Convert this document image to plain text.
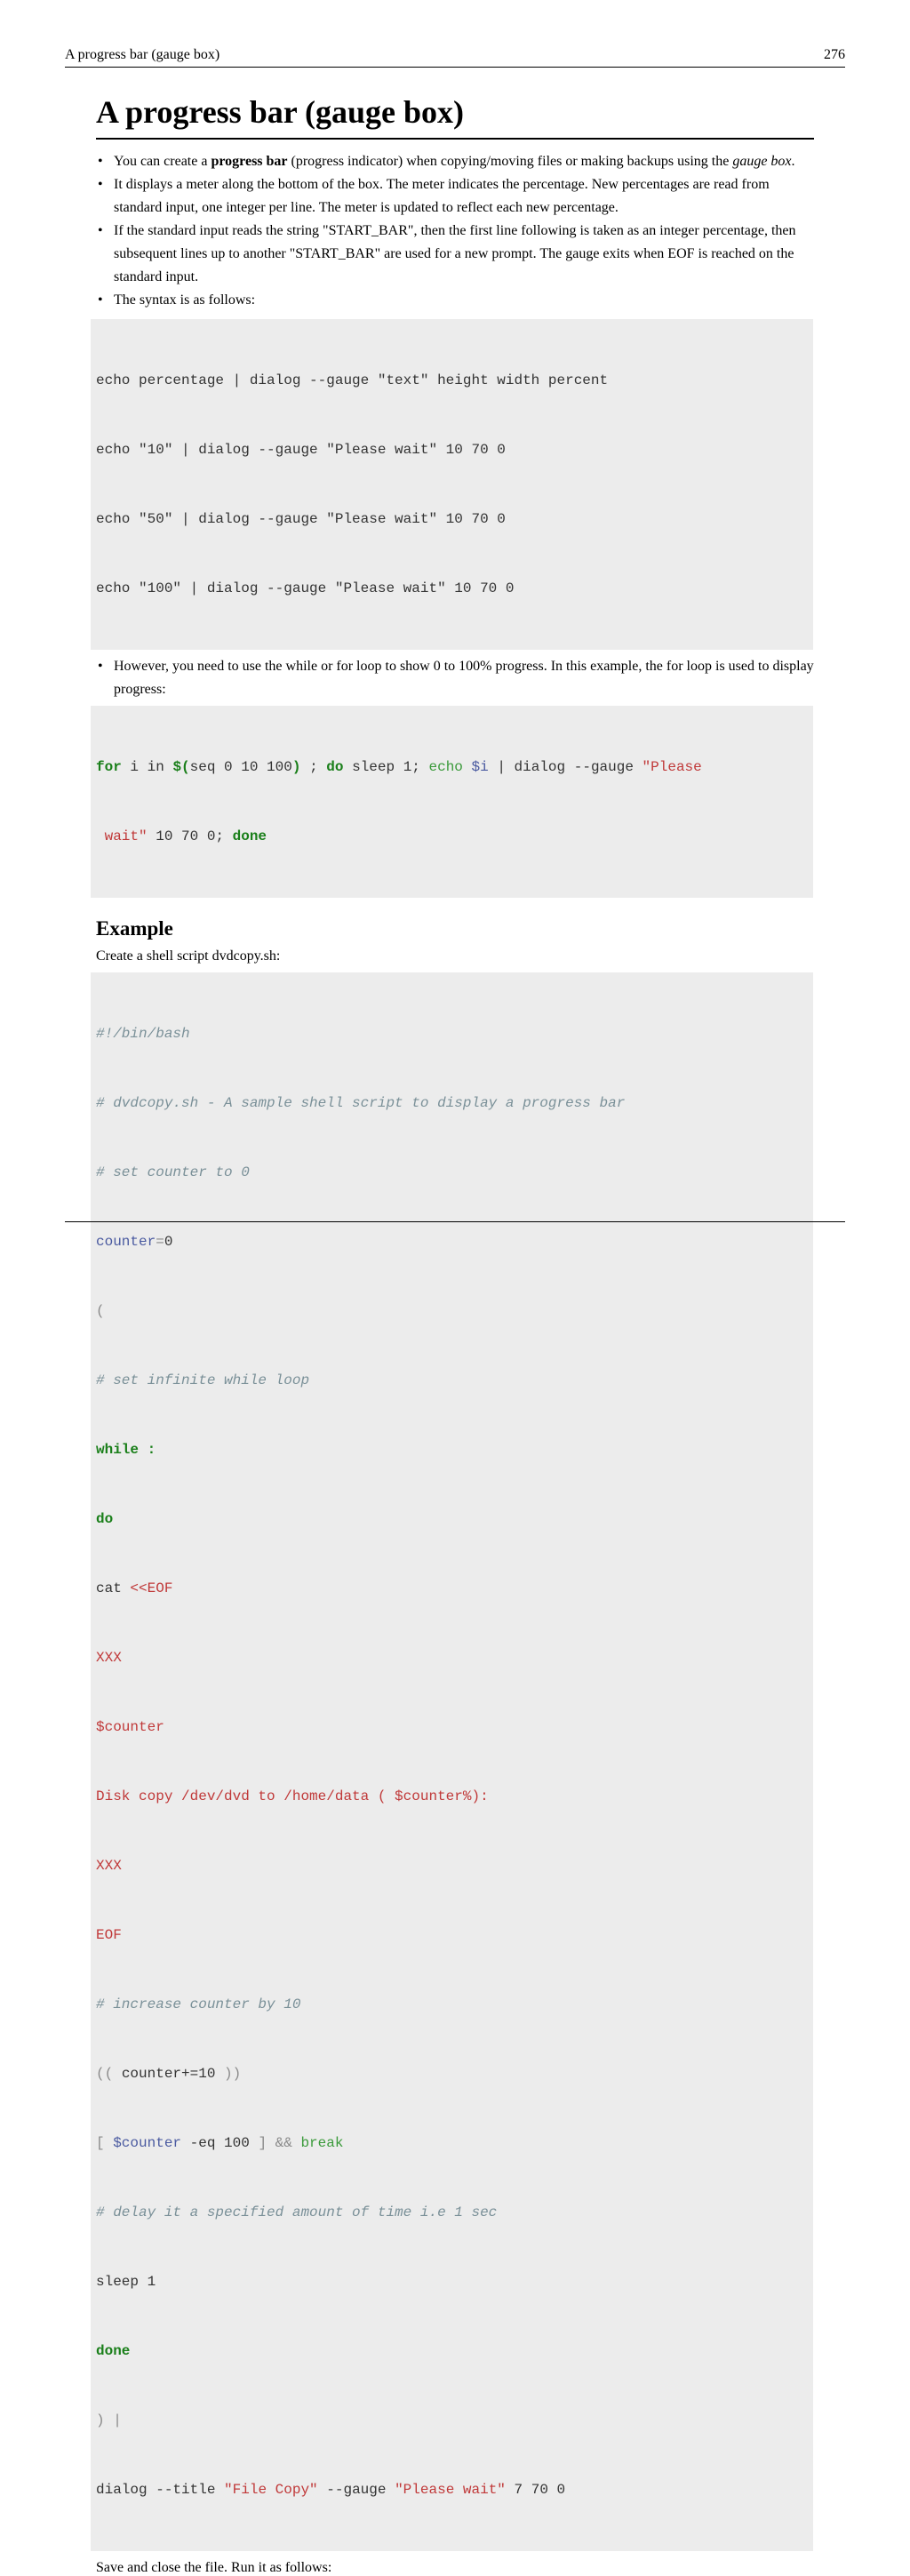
A progress bar (gauge box)	276
A progress bar (gauge box)
• You can create a progress bar (progress indicator) when copying/moving files or making backups using the gauge box.
• It displays a meter along the bottom of the box. The meter indicates the percentage. New percentages are read from standard input, one integer per line. The meter is updated to reflect each new percentage.
• If the standard input reads the string "START_BAR", then the first line following is taken as an integer percentage, then subsequent lines up to another "START_BAR" are used for a new prompt. The gauge exits when EOF is reached on the standard input.
• The syntax is as follows:

echo percentage | dialog --gauge "text" height width percent

echo "10" | dialog --gauge "Please wait" 10 70 0

echo "50" | dialog --gauge "Please wait" 10 70 0

echo "100" | dialog --gauge "Please wait" 10 70 0

• However, you need to use the while or for loop to show 0 to 100% progress. In this example, the for loop is used to display progress:

for i in $(seq 0 10 100) ; do sleep 1; echo $i | dialog --gauge "Please

wait" 10 70 0; done

Example

Create a shell script dvdcopy.sh:

#!/bin/bash

# dvdcopy.sh - A sample shell script to display a progress bar

# set counter to 0

counter=0

(

# set infinite while loop

while :

do

cat <<EOF

XXX

$counter

Disk copy /dev/dvd to /home/data ( $counter%):

XXX

EOF

# increase counter by 10

(( counter+=10 ))

[ $counter -eq 100 ] && break

# delay it a specified amount of time i.e 1 sec

sleep 1

done

) |

dialog --title "File Copy" --gauge "Please wait" 7 70 0

Save and close the file. Run it as follows:
